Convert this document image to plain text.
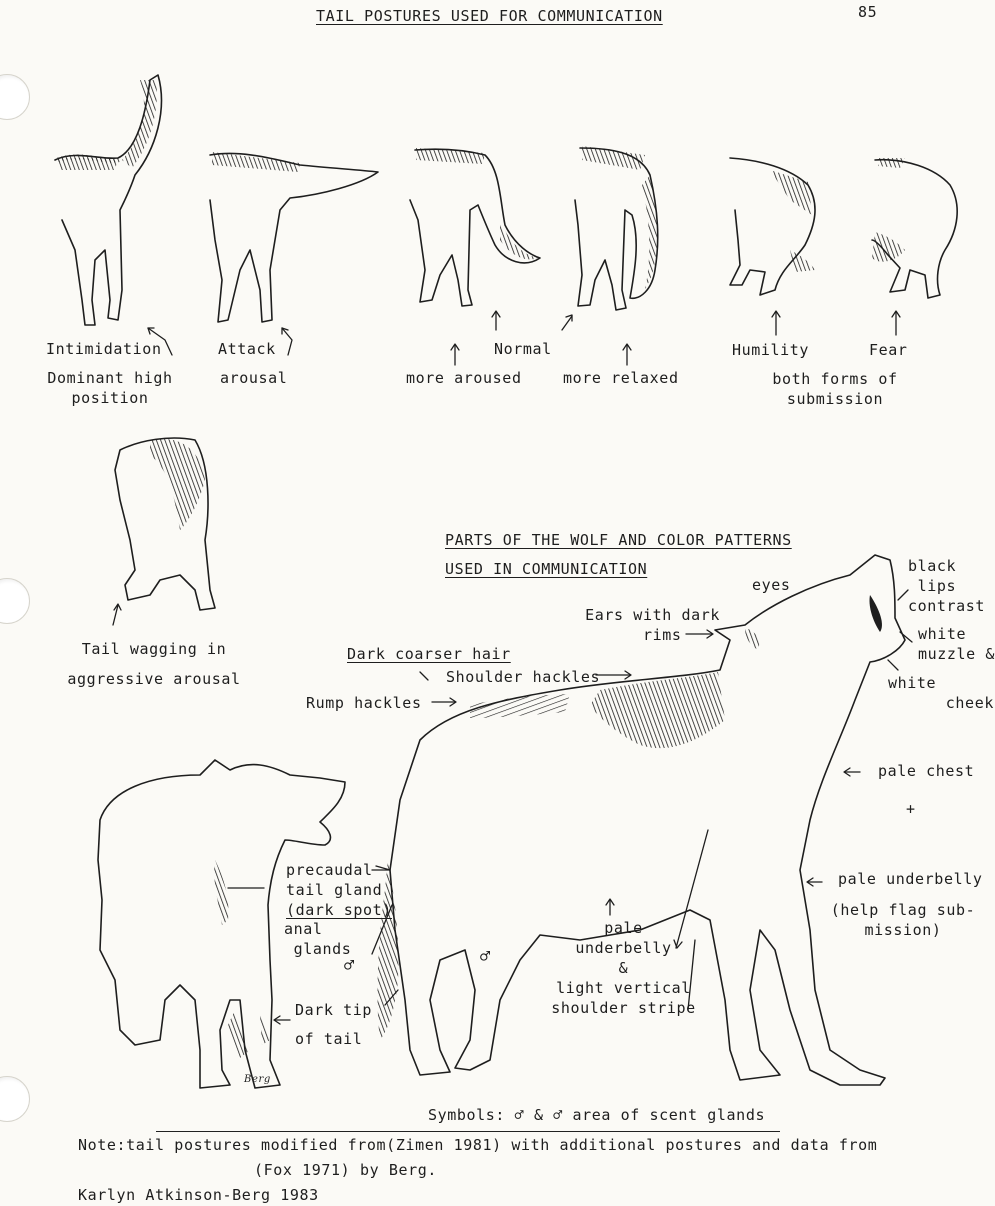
TAIL POSTURES USED FOR COMMUNICATION	85
Intimidation	Attack	Normal	Humility	Fear
Dominant high
position
arousal	more aroused	more relaxed	both forms of
submission
Tail wagging in
aggressive arousal
PARTS OF THE WOLF AND COLOR PATTERNS
USED IN COMMUNICATION
eyes
black
lips
contrast
Ears with dark
rims	white
muzzle &
white
cheek
Dark coarser hair
Shoulder hackles
Rump hackles
pale chest
+
pale underbelly
(help flag sub-
mission)
precaudal
tail gland
(dark spot)
anal
glands
♂	♂
Dark tip
of tail
pale
underbelly
&
light vertical
shoulder stripe
Berg
Symbols: ♂ & ♂ area of scent glands
Note:tail postures modified from(Zimen 1981) with additional postures and data from
(Fox 1971) by Berg.
Karlyn Atkinson-Berg 1983
